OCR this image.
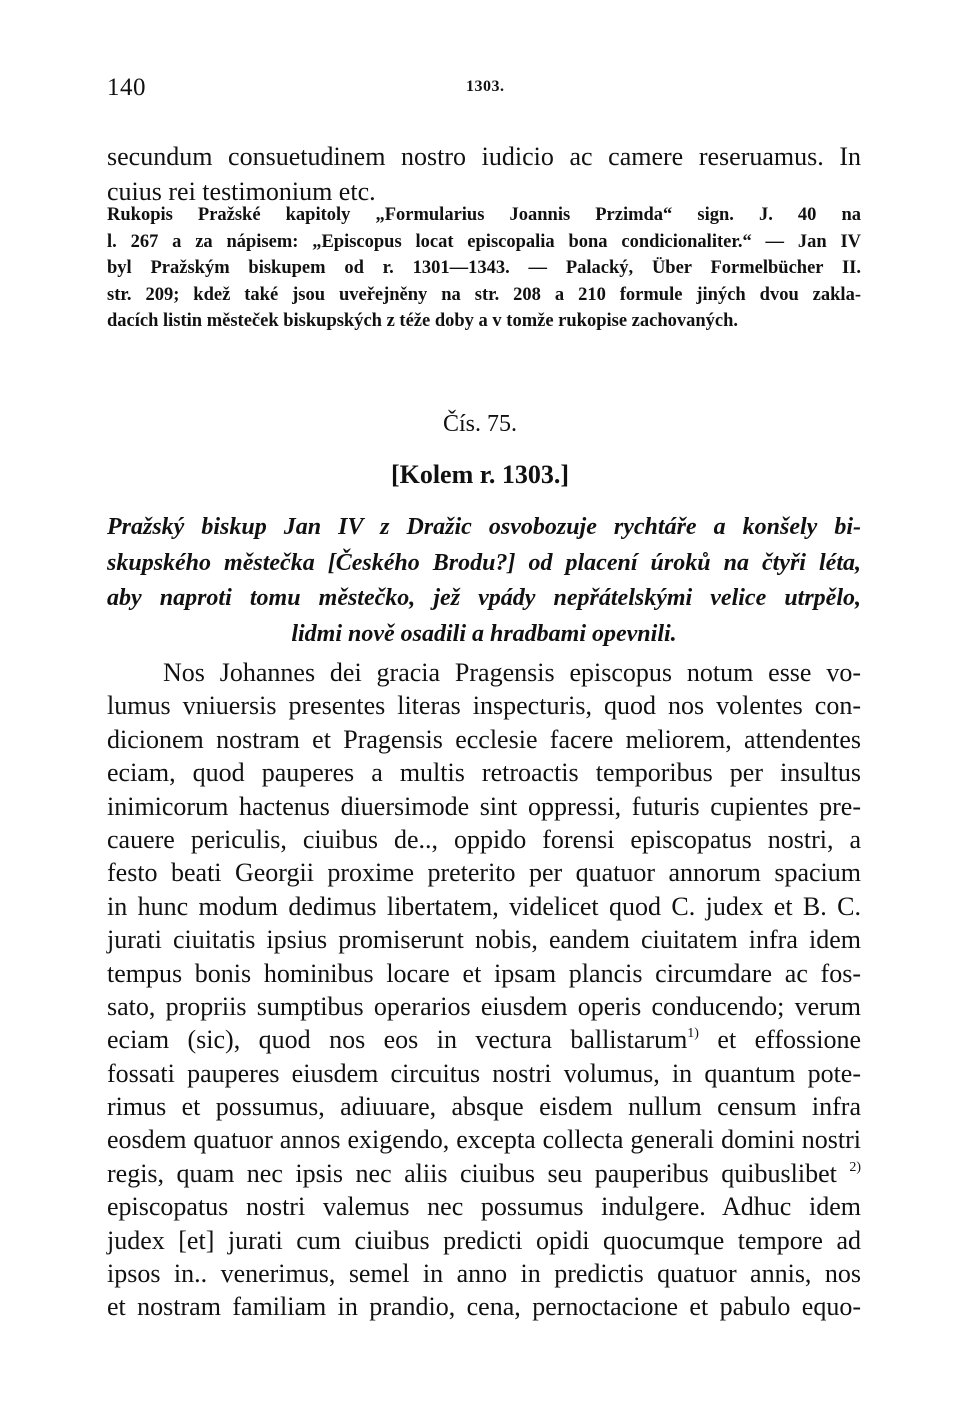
140	1303.
secundum consuetudinem nostro iudicio ac camere reseruamus. In
cuius rei testimonium etc.
Rukopis Pražské kapitoly „Formularius Joannis Przimda“ sign. J. 40 na
l. 267 a za nápisem: „Episcopus locat episcopalia bona condicionaliter.“ — Jan IV
byl Pražským biskupem od r. 1301—1343. — Palacký, Über Formelbücher II.
str. 209; kdež také jsou uveřejněny na str. 208 a 210 formule jiných dvou zakla-
dacích listin městeček biskupských z téže doby a v tomže rukopise zachovaných.
Čís. 75.
[Kolem r. 1303.]
Pražský biskup Jan IV z Dražic osvobozuje rychtáře a konšely bi-
skupského městečka [Českého Brodu?] od placení úroků na čtyři léta,
aby naproti tomu městečko, jež vpády nepřátelskými velice utrpělo,
lidmi nově osadili a hradbami opevnili.
Nos Johannes dei gracia Pragensis episcopus notum esse vo-
lumus vniuersis presentes literas inspecturis, quod nos volentes con-
dicionem nostram et Pragensis ecclesie facere meliorem, attendentes
eciam, quod pauperes a multis retroactis temporibus per insultus
inimicorum hactenus diuersimode sint oppressi, futuris cupientes pre-
cauere periculis, ciuibus de.., oppido forensi episcopatus nostri, a
festo beati Georgii proxime preterito per quatuor annorum spacium
in hunc modum dedimus libertatem, videlicet quod C. judex et B. C.
jurati ciuitatis ipsius promiserunt nobis, eandem ciuitatem infra idem
tempus bonis hominibus locare et ipsam plancis circumdare ac fos-
sato, propriis sumptibus operarios eiusdem operis conducendo; verum
eciam (sic), quod nos eos in vectura ballistarum$^{1)}$ et effossione
fossati pauperes eiusdem circuitus nostri volumus, in quantum pote-
rimus et possumus, adiuuare, absque eisdem nullum censum infra
eosdem quatuor annos exigendo, excepta collecta generali domini nostri
regis, quam nec ipsis nec aliis ciuibus seu pauperibus quibuslibet $^{2)}$
episcopatus nostri valemus nec possumus indulgere. Adhuc idem
judex [et] jurati cum ciuibus predicti opidi quocumque tempore ad
ipsos in.. venerimus, semel in anno in predictis quatuor annis, nos
et nostram familiam in prandio, cena, pernoctacione et pabulo equo-
